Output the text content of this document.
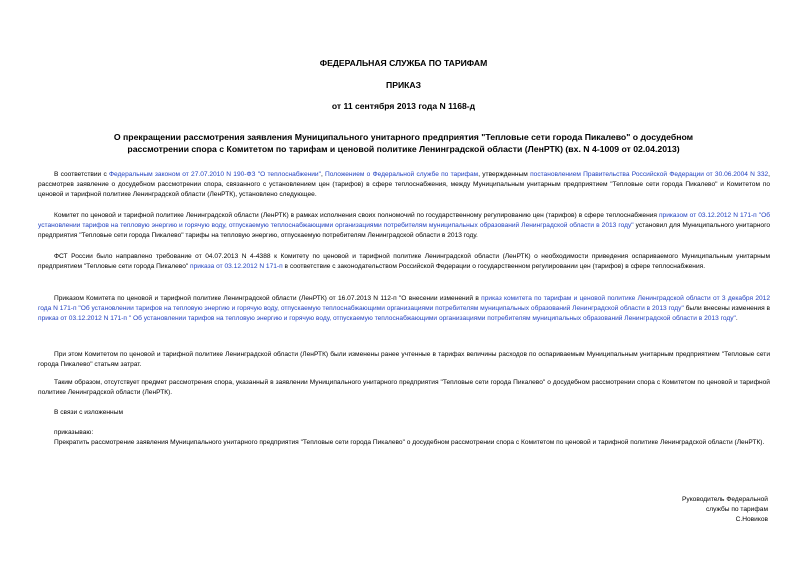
ФЕДЕРАЛЬНАЯ СЛУЖБА ПО ТАРИФАМ
ПРИКАЗ
от 11 сентября 2013 года N 1168-д
О прекращении рассмотрения заявления Муниципального унитарного предприятия "Тепловые сети города Пикалево" о досудебном рассмотрении спора с Комитетом по тарифам и ценовой политике Ленинградской области (ЛенРТК) (вх. N 4-1009 от 02.04.2013)
В соответствии с Федеральным законом от 27.07.2010 N 190-ФЗ "О теплоснабжении", Положением о Федеральной службе по тарифам, утвержденным постановлением Правительства Российской Федерации от 30.06.2004 N 332, рассмотрев заявление о досудебном рассмотрении спора, связанного с установлением цен (тарифов) в сфере теплоснабжения, между Муниципальным унитарным предприятием "Тепловые сети города Пикалево" и Комитетом по ценовой и тарифной политике Ленинградской области (ЛенРТК), установлено следующее.
Комитет по ценовой и тарифной политике Ленинградской области (ЛенРТК) в рамках исполнения своих полномочий по государственному регулированию цен (тарифов) в сфере теплоснабжения приказом от 03.12.2012 N 171-п "Об установлении тарифов на тепловую энергию и горячую воду, отпускаемую теплоснабжающими организациями потребителям муниципальных образований Ленинградской области в 2013 году" установил для Муниципального унитарного предприятия "Тепловые сети города Пикалево" тарифы на тепловую энергию, отпускаемую потребителям Ленинградской области в 2013 году.
ФСТ России было направлено требование от 04.07.2013 N 4-4388 к Комитету по ценовой и тарифной политике Ленинградской области (ЛенРТК) о необходимости приведения оспариваемого Муниципальным унитарным предприятием "Тепловые сети города Пикалево" приказа от 03.12.2012 N 171-п в соответствие с законодательством Российской Федерации о государственном регулировании цен (тарифов) в сфере теплоснабжения.
Приказом Комитета по ценовой и тарифной политике Ленинградской области (ЛенРТК) от 16.07.2013 N 112-п "О внесении изменений в приказ комитета по тарифам и ценовой политике Ленинградской области от 3 декабря 2012 года N 171-п "Об установлении тарифов на тепловую энергию и горячую воду, отпускаемую теплоснабжающими организациями потребителям муниципальных образований Ленинградской области в 2013 году" были внесены изменения в приказ от 03.12.2012 N 171-п " Об установлении тарифов на тепловую энергию и горячую воду, отпускаемую теплоснабжающими организациями потребителям муниципальных образований Ленинградской области в 2013 году".
При этом Комитетом по ценовой и тарифной политике Ленинградской области (ЛенРТК) были изменены ранее учтенные в тарифах величины расходов по оспариваемым Муниципальным унитарным предприятием "Тепловые сети города Пикалево" статьям затрат.
Таким образом, отсутствует предмет рассмотрения спора, указанный в заявлении Муниципального унитарного предприятия "Тепловые сети города Пикалево" о досудебном рассмотрении спора с Комитетом по ценовой и тарифной политике Ленинградской области (ЛенРТК).
В связи с изложенным
приказываю:
Прекратить рассмотрение заявления Муниципального унитарного предприятия "Тепловые сети города Пикалево" о досудебном рассмотрении спора с Комитетом по ценовой и тарифной политике Ленинградской области (ЛенРТК).
Руководитель Федеральной
службы по тарифам
С.Новиков
